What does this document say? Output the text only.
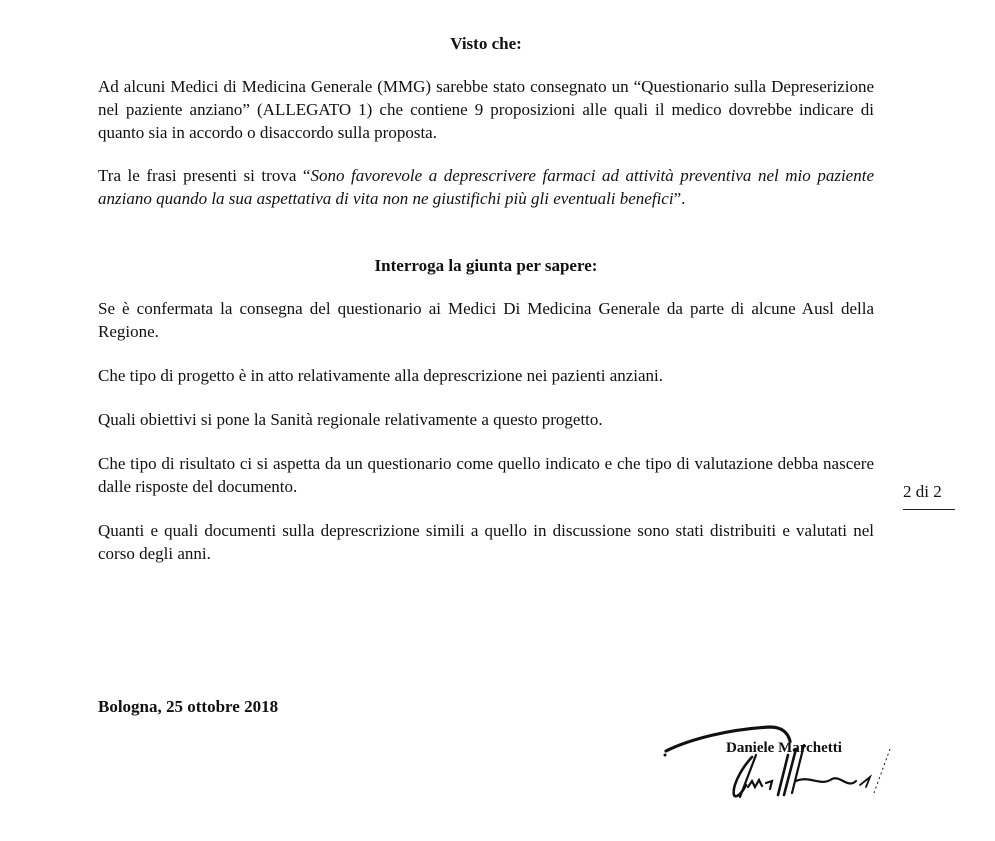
Visto che:
Ad alcuni Medici di Medicina Generale (MMG) sarebbe stato consegnato un “Questionario sulla Depreserizione nel paziente anziano” (ALLEGATO 1) che contiene 9 proposizioni alle quali il medico dovrebbe indicare di quanto sia in accordo o disaccordo sulla proposta.
Tra le frasi presenti si trova “Sono favorevole a deprescrivere farmaci ad attività preventiva nel mio paziente anziano quando la sua aspettativa di vita non ne giustifichi più gli eventuali benefici”.
Interroga la giunta per sapere:
Se è confermata la consegna del questionario ai Medici Di Medicina Generale da parte di alcune Ausl della Regione.
Che tipo di progetto è in atto relativamente alla deprescrizione nei pazienti anziani.
Quali obiettivi si pone la Sanità regionale relativamente a questo progetto.
Che tipo di risultato ci si aspetta da un questionario come quello indicato e che tipo di valutazione debba nascere dalle risposte del documento.
Quanti e quali documenti sulla deprescrizione simili a quello in discussione sono stati distribuiti e valutati nel corso degli anni.
2 di 2
Bologna, 25 ottobre 2018
Daniele Marchetti
